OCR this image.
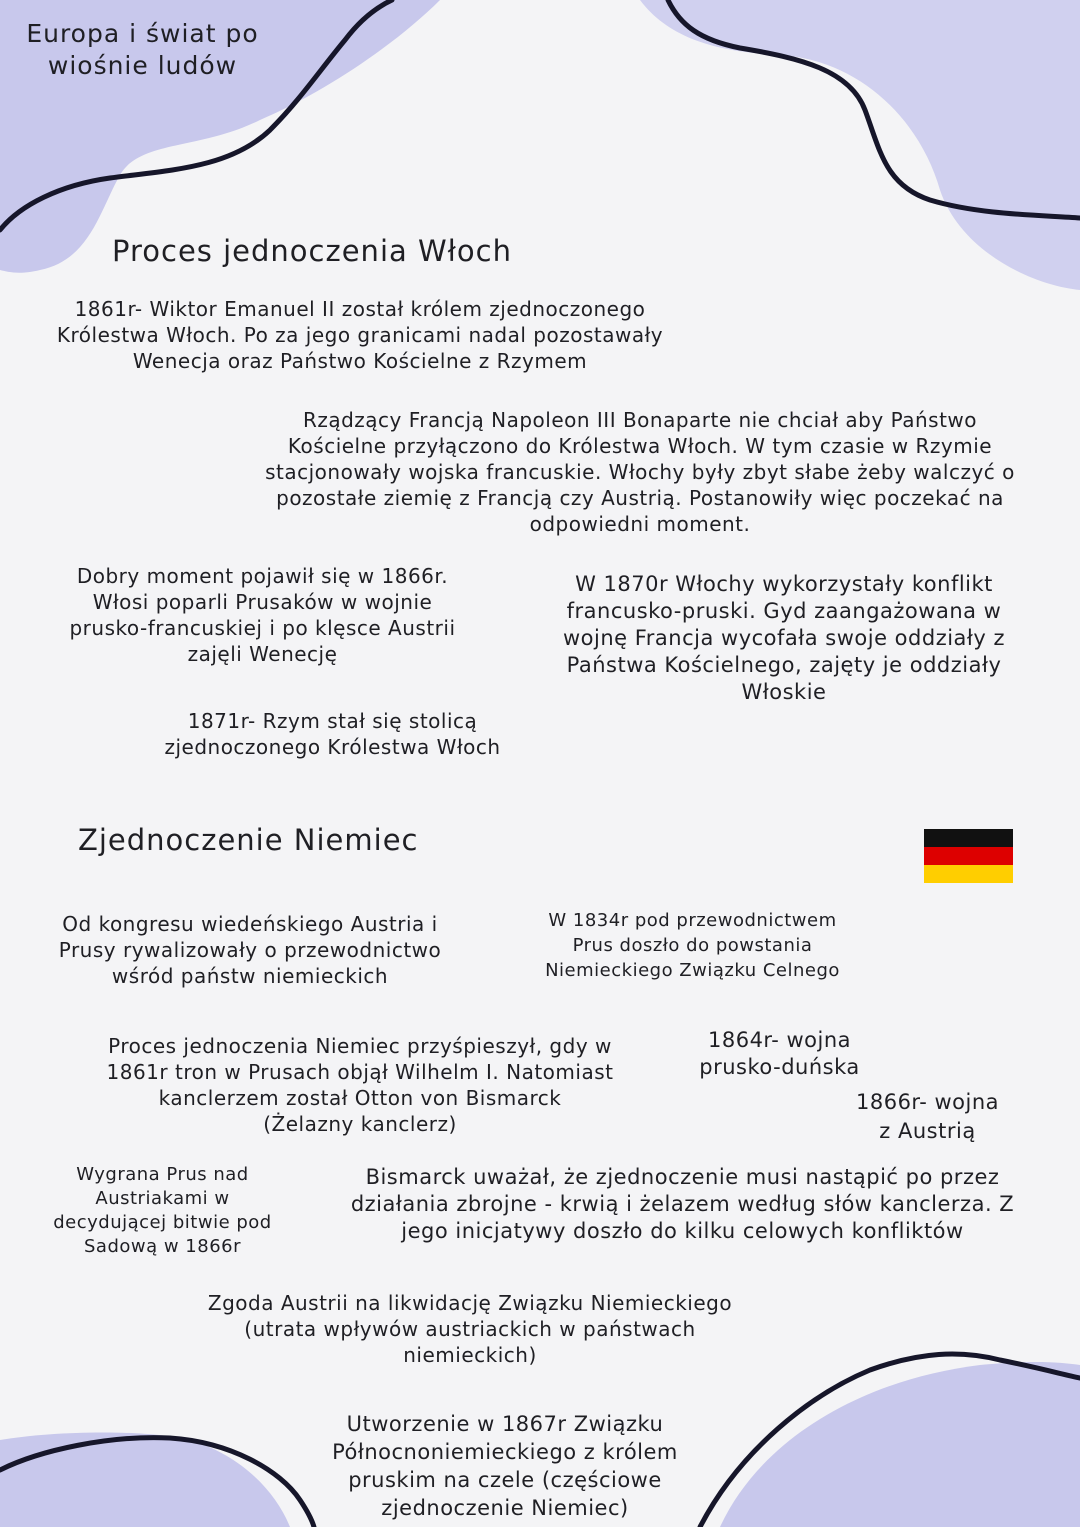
Europa i świat po
wiośnie ludów
Proces jednoczenia Włoch
1861r- Wiktor Emanuel II został królem zjednoczonego
Królestwa Włoch. Po za jego granicami nadal pozostawały
Wenecja oraz Państwo Kościelne z Rzymem
Rządzący Francją Napoleon III Bonaparte nie chciał aby Państwo
Kościelne przyłączono do Królestwa Włoch. W tym czasie w Rzymie
stacjonowały wojska francuskie. Włochy były zbyt słabe żeby walczyć o
pozostałe ziemię z Francją czy Austrią. Postanowiły więc poczekać na
odpowiedni moment.
Dobry moment pojawił się w 1866r.
Włosi poparli Prusaków w wojnie
prusko-francuskiej i po klęsce Austrii
zajęli Wenecję
W 1870r Włochy wykorzystały konflikt
francusko-pruski. Gyd zaangażowana w
wojnę Francja wycofała swoje oddziały z
Państwa Kościelnego, zajęty je oddziały
Włoskie
1871r- Rzym stał się stolicą
zjednoczonego Królestwa Włoch
Zjednoczenie Niemiec
Od kongresu wiedeńskiego Austria i
Prusy rywalizowały o przewodnictwo
wśród państw niemieckich
W 1834r pod przewodnictwem
Prus doszło do powstania
Niemieckiego Związku Celnego
Proces jednoczenia Niemiec przyśpieszył, gdy w
1861r tron w Prusach objął Wilhelm I. Natomiast
kanclerzem został Otton von Bismarck
(Żelazny kanclerz)
1864r- wojna
prusko-duńska
1866r- wojna
z Austrią
Wygrana Prus nad
Austriakami w
decydującej bitwie pod
Sadową w 1866r
Bismarck uważał, że zjednoczenie musi nastąpić po przez
działania zbrojne - krwią i żelazem według słów kanclerza. Z
jego inicjatywy doszło do kilku celowych konfliktów
Zgoda Austrii na likwidację Związku Niemieckiego
(utrata wpływów austriackich w państwach
niemieckich)
Utworzenie w 1867r Związku
Północnoniemieckiego z królem
pruskim na czele (częściowe
zjednoczenie Niemiec)
